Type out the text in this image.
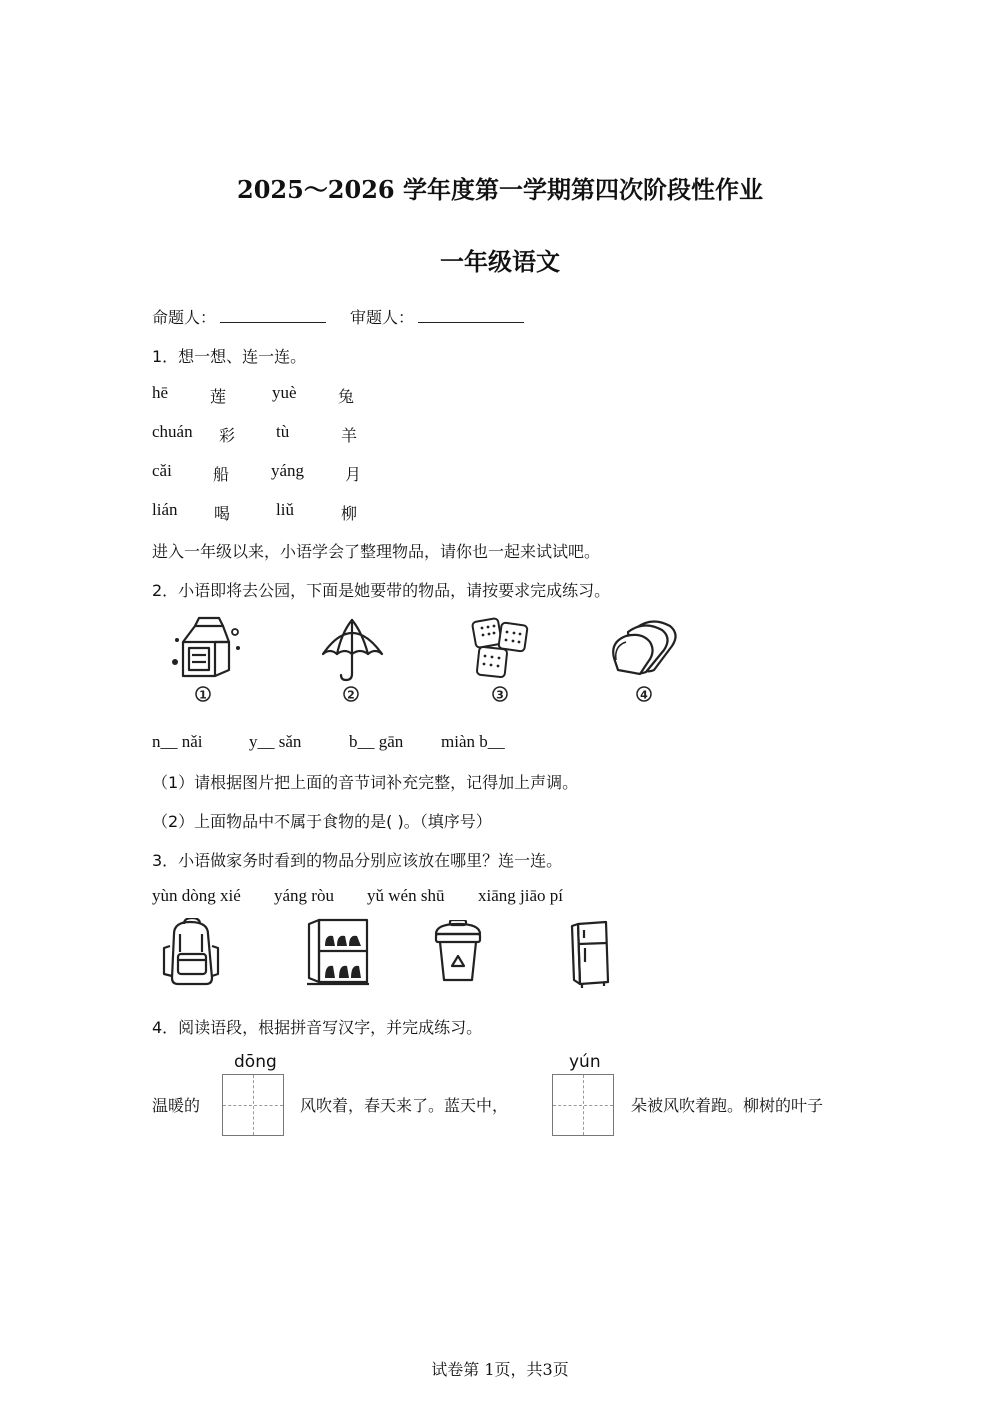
2025～2026 学年度第一学期第四次阶段性作业
一年级语文
命题人：	审题人：
1．想一想、连一连。
hē	莲	yuè	兔
chuán 彩 tù	羊
cǎi	船 yáng	月
lián 喝	liǔ	柳
进入一年级以来，小语学会了整理物品，请你也一起来试试吧。
2．小语即将去公园，下面是她要带的物品，请按要求完成练习。
1	2	3	4
n__ nǎi	y__ sǎn	b__ gān miàn b__
（1）请根据图片把上面的音节词补充完整，记得加上声调。
（2）上面物品中不属于食物的是( )。（填序号）
3．小语做家务时看到的物品分别应该放在哪里？连一连。
yùn dòng xié yáng ròu yǔ wén shū xiāng jiāo pí
4．阅读语段，根据拼音写汉字，并完成练习。
dōng	yún
温暖的	风吹着，春天来了。蓝天中，	朵被风吹着跑。柳树的叶子
试卷第 1页，共3页
